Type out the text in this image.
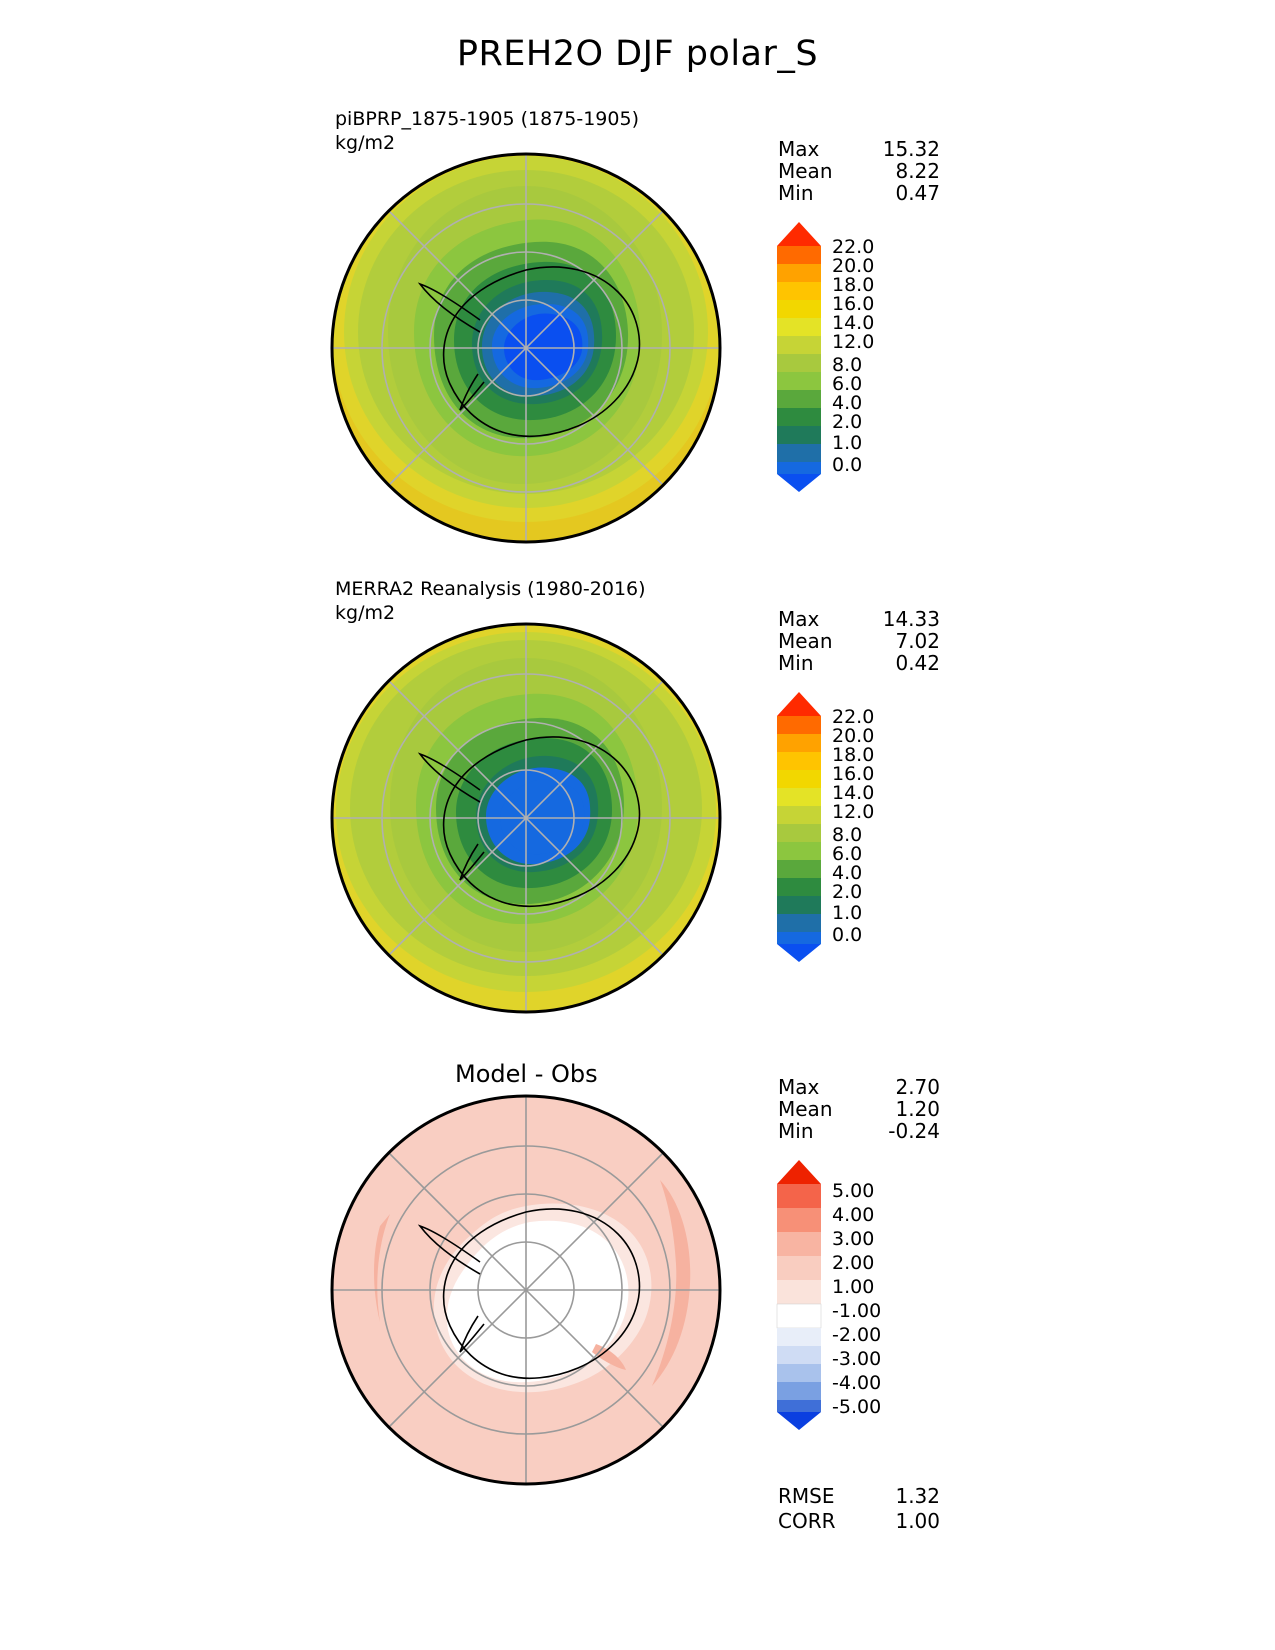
PREH2O DJF polar_S
piBPRP_1875-1905 (1875-1905)
kg/m2	Max	15.32
Mean	8.22
Min	0.47
22.0
20.0
18.0
16.0
14.0
12.0
8.0
6.0
4.0
2.0
1.0
0.0
MERRA2 Reanalysis (1980-2016)
kg/m2	Max	14.33
Mean	7.02
Min	0.42
22.0
20.0
18.0
16.0
14.0
12.0
8.0
6.0
4.0
2.0
1.0
0.0
Model - Obs	Max	2.70
Mean	1.20
Min	-0.24
5.00
4.00
3.00
2.00
1.00
-1.00
-2.00
-3.00
-4.00
-5.00
RMSE	1.32
CORR	1.00
